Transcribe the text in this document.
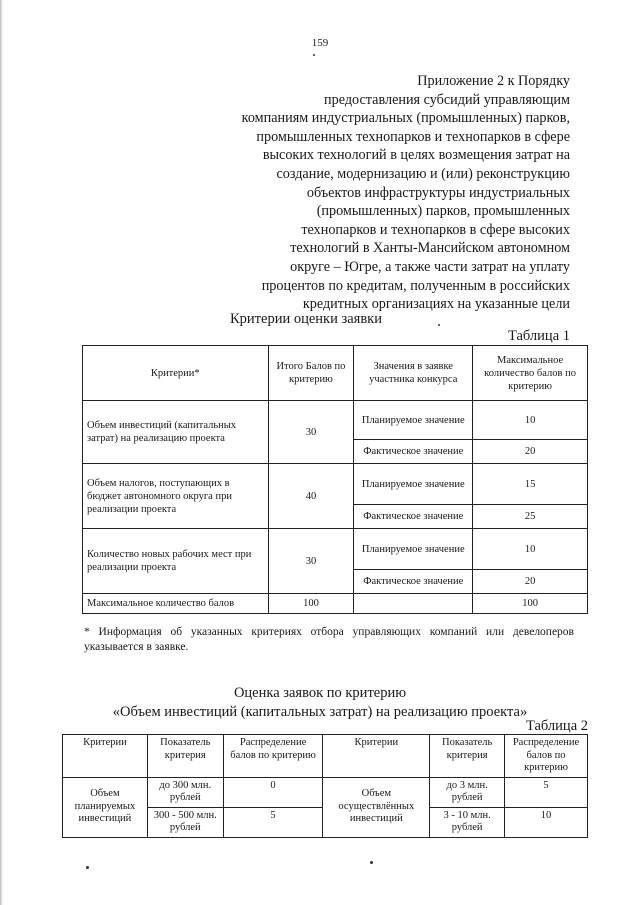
159
Приложение 2 к Порядку
предоставления субсидий управляющим
компаниям индустриальных (промышленных) парков,
промышленных технопарков и технопарков в сфере
высоких технологий в целях возмещения затрат на
создание, модернизацию и (или) реконструкцию
объектов инфраструктуры индустриальных
(промышленных) парков, промышленных
технопарков и технопарков в сфере высоких
технологий в Ханты-Мансийском автономном
округе – Югре, а также части затрат на уплату
процентов по кредитам, полученным в российских
кредитных организациях на указанные цели
Критерии оценки заявки
Таблица 1
Критерии*	Итого Балов по критерию	Значения в заявке участника конкурса	Максимальное количество балов по критерию
Объем инвестиций (капитальных затрат) на реализацию проекта	30	Планируемое значение	10
		Фактическое значение	20
Объем налогов, поступающих в бюджет автономного округа при реализации проекта	40	Планируемое значение	15
		Фактическое значение	25
Количество новых рабочих мест при реализации проекта	30	Планируемое значение	10
		Фактическое значение	20
Максимальное количество балов	100		100
* Информация об указанных критериях отбора управляющих компаний или девелоперов указывается в заявке.
Оценка заявок по критерию
«Объем инвестиций (капитальных затрат) на реализацию проекта»
Таблица 2
Критерии	Показатель критерия	Распределение балов по критерию	Критерии	Показатель критерия	Распределение балов по критерию
Объем планируемых инвестиций	до 300 млн. рублей	0	Объем осуществлённых инвестиций	до 3 млн. рублей	5
	300 - 500 млн. рублей	5		3 - 10 млн. рублей	10
